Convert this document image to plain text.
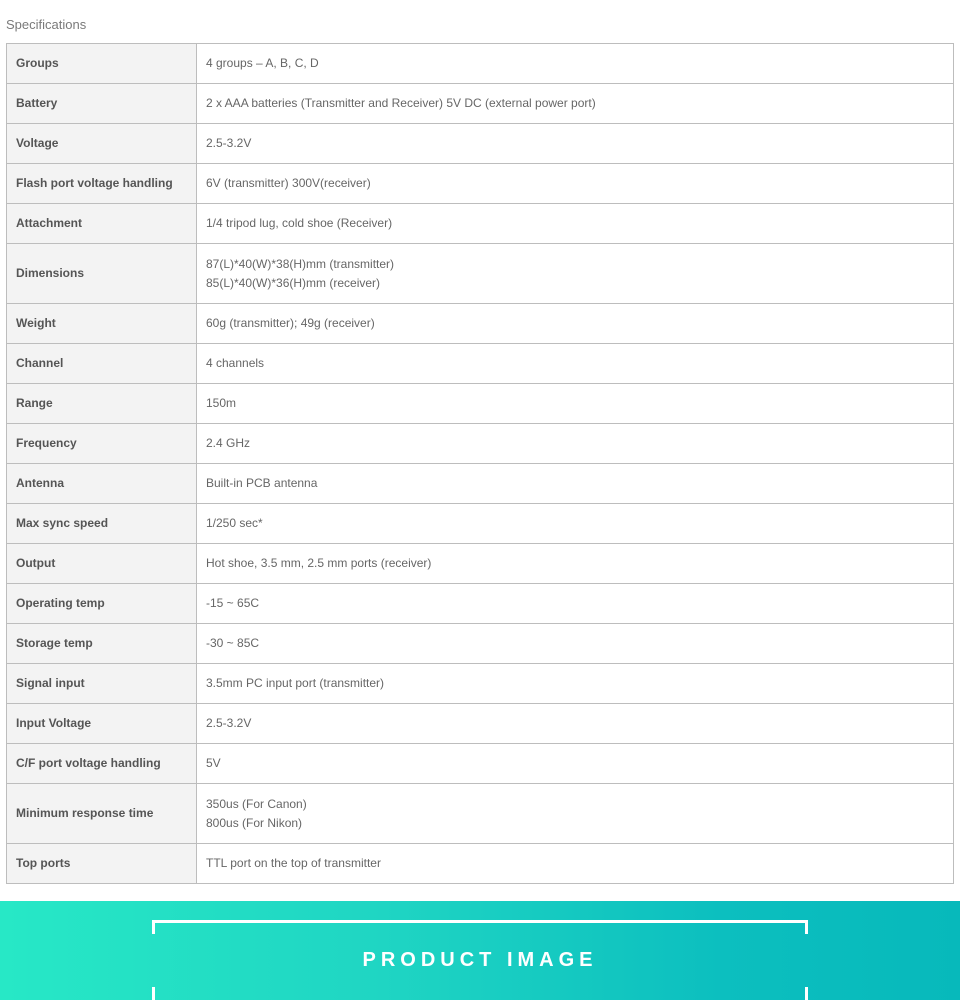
Specifications
Groups	4 groups – A, B, C, D

Battery	2 x AAA batteries (Transmitter and Receiver) 5V DC (external power port)

Voltage	2.5-3.2V

Flash port voltage handling	6V (transmitter) 300V(receiver)

Attachment	1/4 tripod lug, cold shoe (Receiver)

Dimensions	87(L)*40(W)*38(H)mm (transmitter)
85(L)*40(W)*36(H)mm (receiver)

Weight	60g (transmitter); 49g (receiver)

Channel	4 channels

Range	150m

Frequency	2.4 GHz

Antenna	Built-in PCB antenna

Max sync speed	1/250 sec*

Output	Hot shoe, 3.5 mm, 2.5 mm ports (receiver)

Operating temp	-15 ~ 65C

Storage temp	-30 ~ 85C

Signal input	3.5mm PC input port (transmitter)

Input Voltage	2.5-3.2V

C/F port voltage handling	5V

Minimum response time	350us (For Canon)
800us (For Nikon)

Top ports	TTL port on the top of transmitter
PRODUCT IMAGE
